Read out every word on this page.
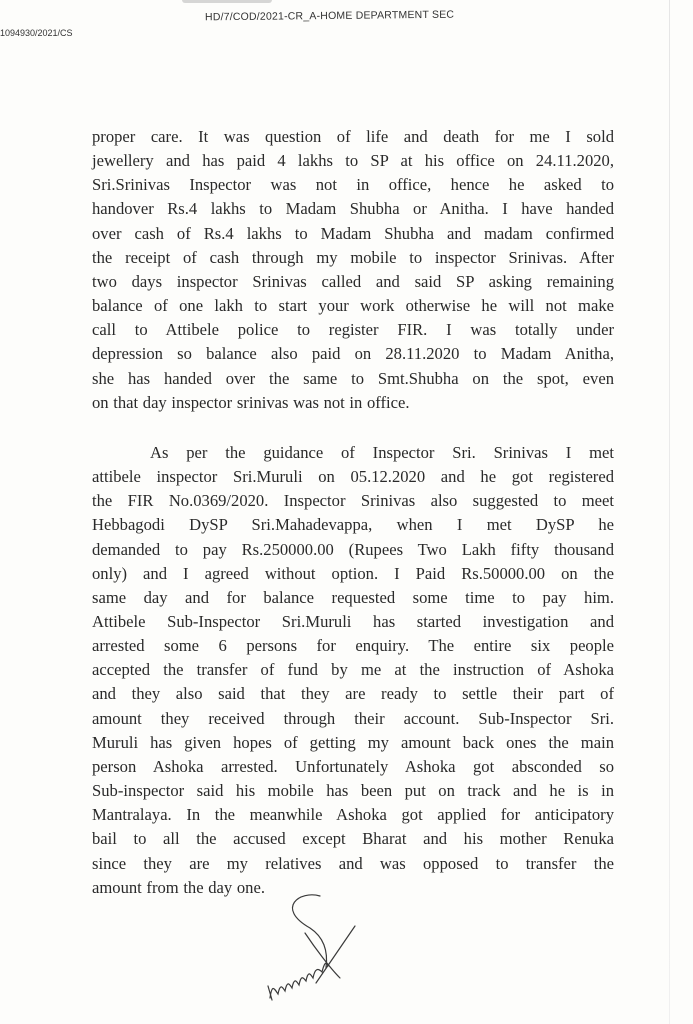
HD/7/COD/2021-CR_A-HOME DEPARTMENT SEC
1094930/2021/CS

proper care. It was question of life and death for me I sold
jewellery and has paid 4 lakhs to SP at his office on 24.11.2020,
Sri.Srinivas Inspector was not in office, hence he asked to
handover Rs.4 lakhs to Madam Shubha or Anitha. I have handed
over cash of Rs.4 lakhs to Madam Shubha and madam confirmed
the receipt of cash through my mobile to inspector Srinivas. After
two days inspector Srinivas called and said SP asking remaining
balance of one lakh to start your work otherwise he will not make
call to Attibele police to register FIR. I was totally under
depression so balance also paid on 28.11.2020 to Madam Anitha,
she has handed over the same to Smt.Shubha on the spot, even
on that day inspector srinivas was not in office.

As per the guidance of Inspector Sri. Srinivas I met
attibele inspector Sri.Muruli on 05.12.2020 and he got registered
the FIR No.0369/2020. Inspector Srinivas also suggested to meet
Hebbagodi DySP Sri.Mahadevappa, when I met DySP he
demanded to pay Rs.250000.00 (Rupees Two Lakh fifty thousand
only) and I agreed without option. I Paid Rs.50000.00 on the
same day and for balance requested some time to pay him.
Attibele Sub-Inspector Sri.Muruli has started investigation and
arrested some 6 persons for enquiry. The entire six people
accepted the transfer of fund by me at the instruction of Ashoka
and they also said that they are ready to settle their part of
amount they received through their account. Sub-Inspector Sri.
Muruli has given hopes of getting my amount back ones the main
person Ashoka arrested. Unfortunately Ashoka got absconded so
Sub-inspector said his mobile has been put on track and he is in
Mantralaya. In the meanwhile Ashoka got applied for anticipatory
bail to all the accused except Bharat and his mother Renuka
since they are my relatives and was opposed to transfer the
amount from the day one.
